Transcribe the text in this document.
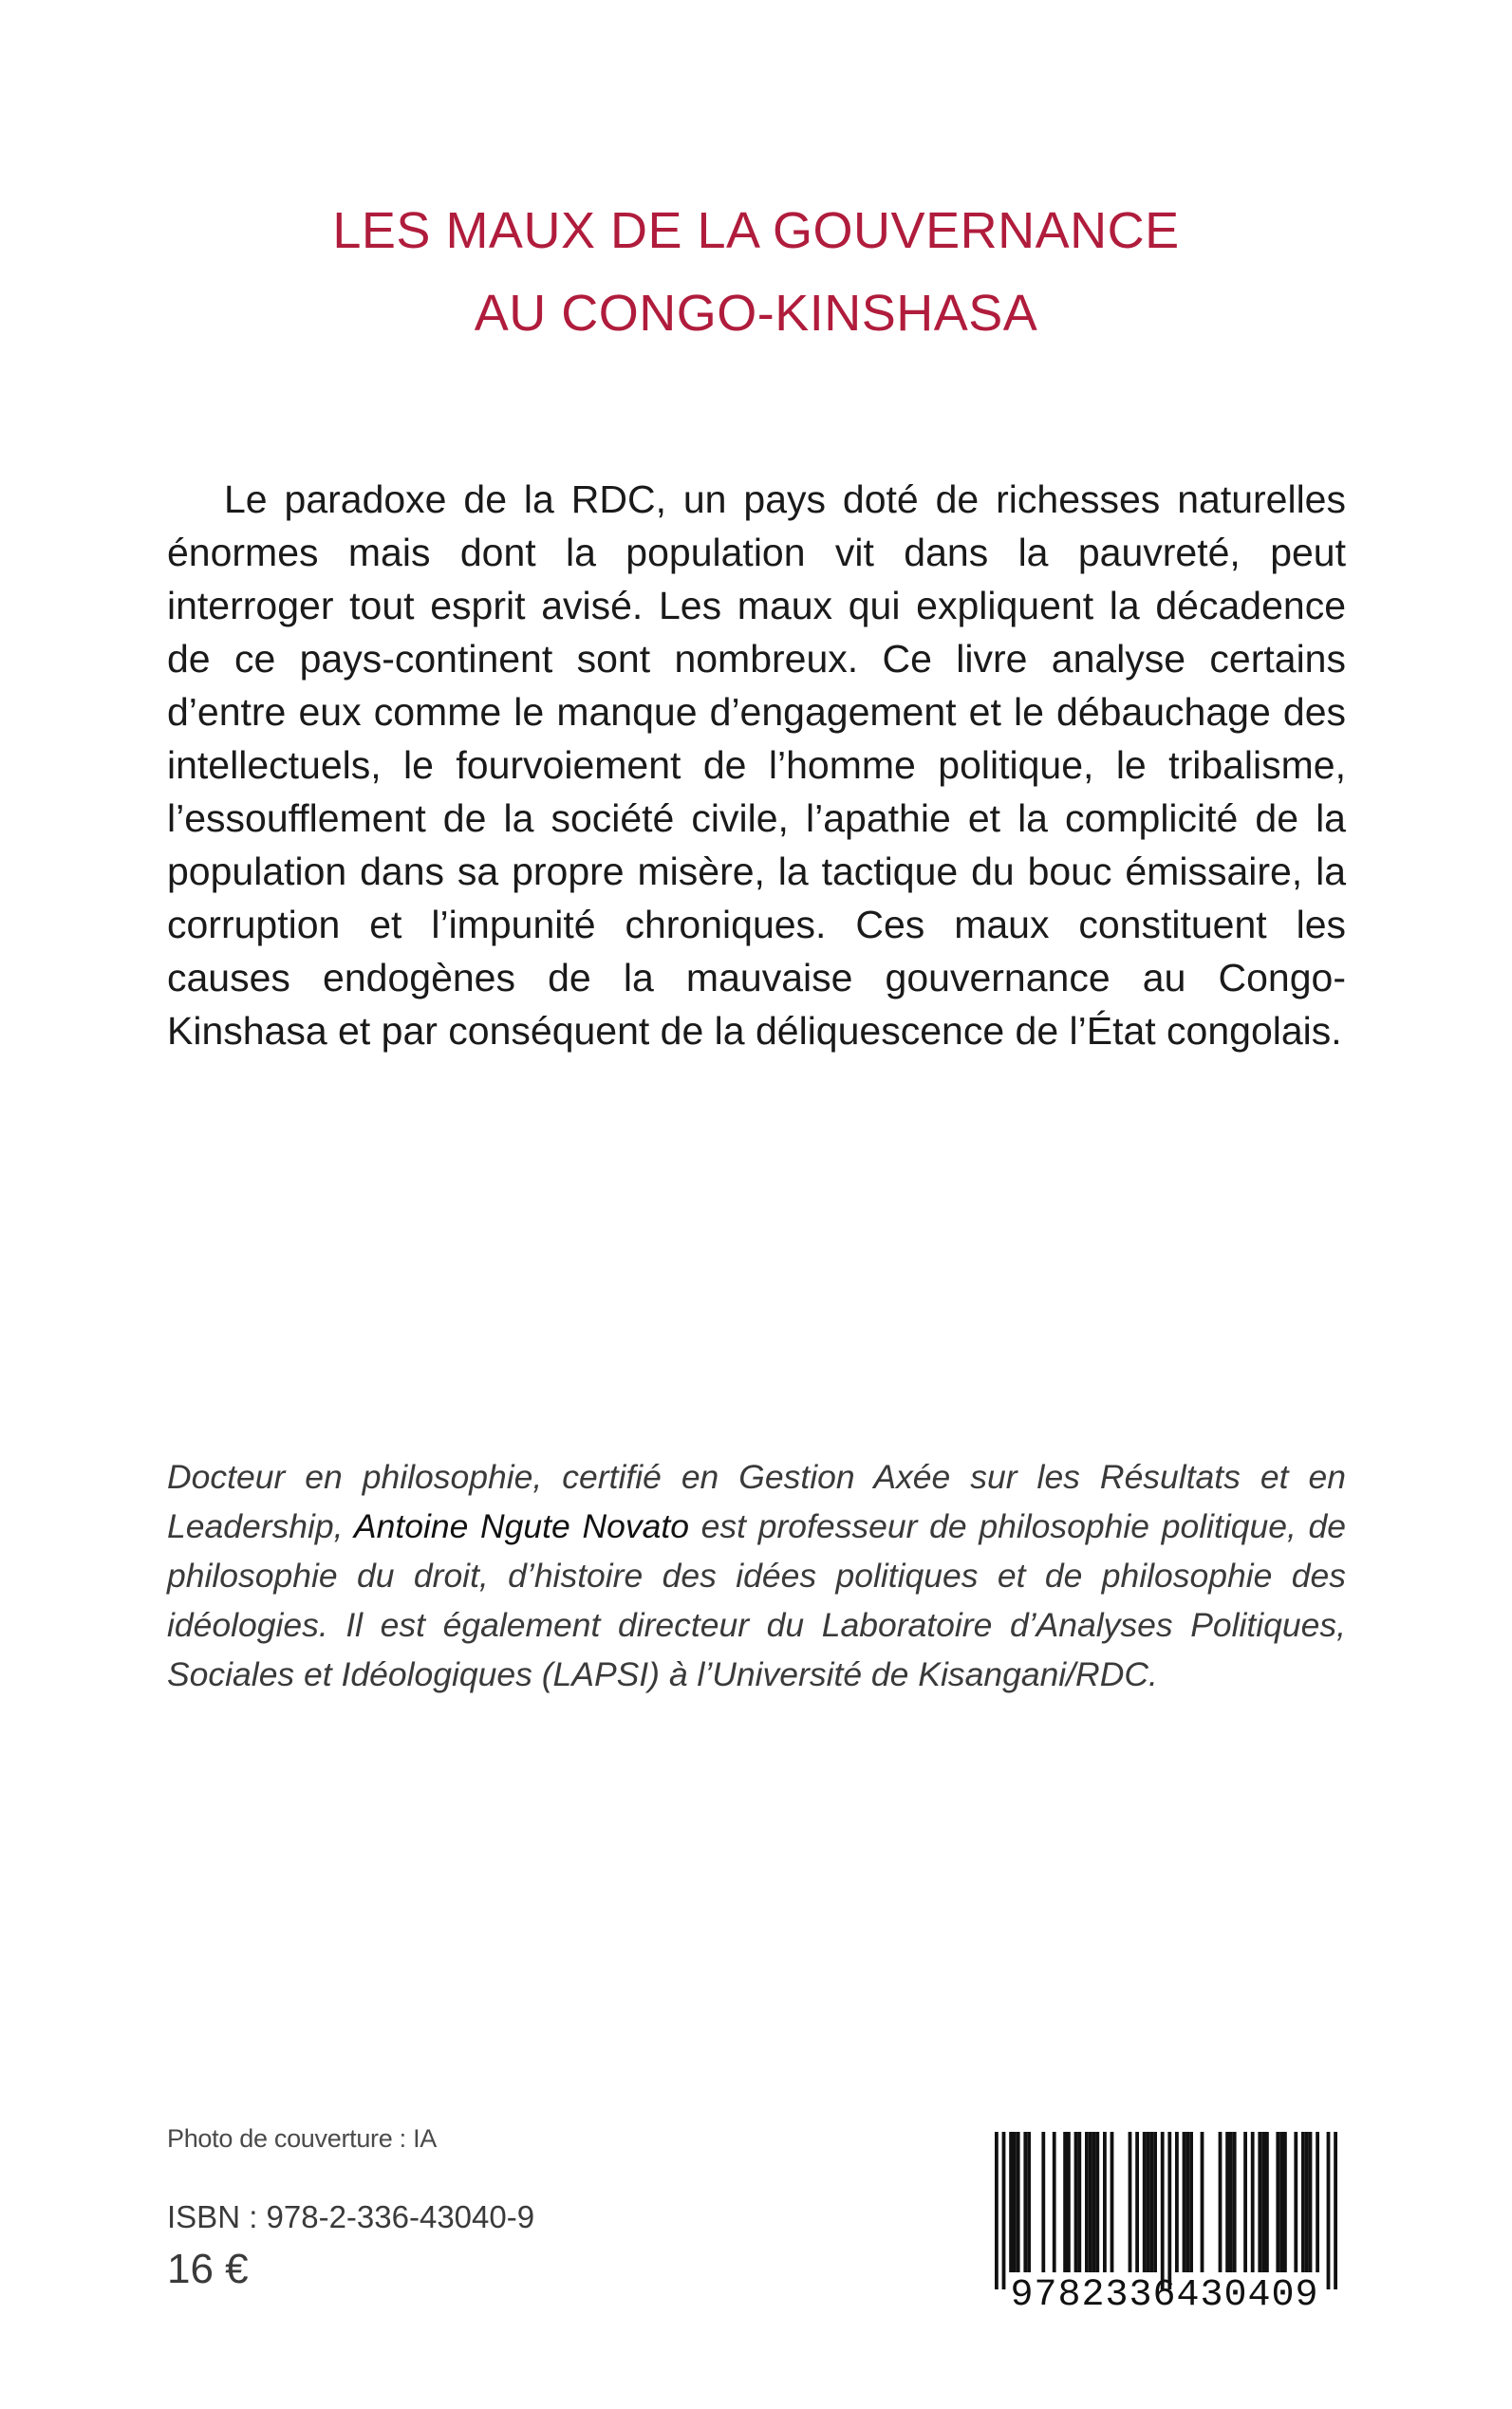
LES MAUX DE LA GOUVERNANCE
AU CONGO-KINSHASA

Le paradoxe de la RDC, un pays doté de richesses naturelles énormes mais dont la population vit dans la pauvreté, peut interroger tout esprit avisé. Les maux qui expliquent la décadence de ce pays-continent sont nombreux. Ce livre analyse certains d’entre eux comme le manque d’engagement et le débauchage des intellectuels, le fourvoiement de l’homme politique, le tribalisme, l’essoufflement de la société civile, l’apathie et la complicité de la population dans sa propre misère, la tactique du bouc émissaire, la corruption et l’impunité chroniques. Ces maux constituent les causes endogènes de la mauvaise gouvernance au Congo-Kinshasa et par conséquent de la déliquescence de l’État congolais.

Docteur en philosophie, certifié en Gestion Axée sur les Résultats et en Leadership, Antoine Ngute Novato est professeur de philosophie politique, de philosophie du droit, d’histoire des idées politiques et de philosophie des idéologies. Il est également directeur du Laboratoire d’Analyses Politiques, Sociales et Idéologiques (LAPSI) à l’Université de Kisangani/RDC.

Photo de couverture : IA
ISBN : 978-2-336-43040-9
16 €
9782336430409
